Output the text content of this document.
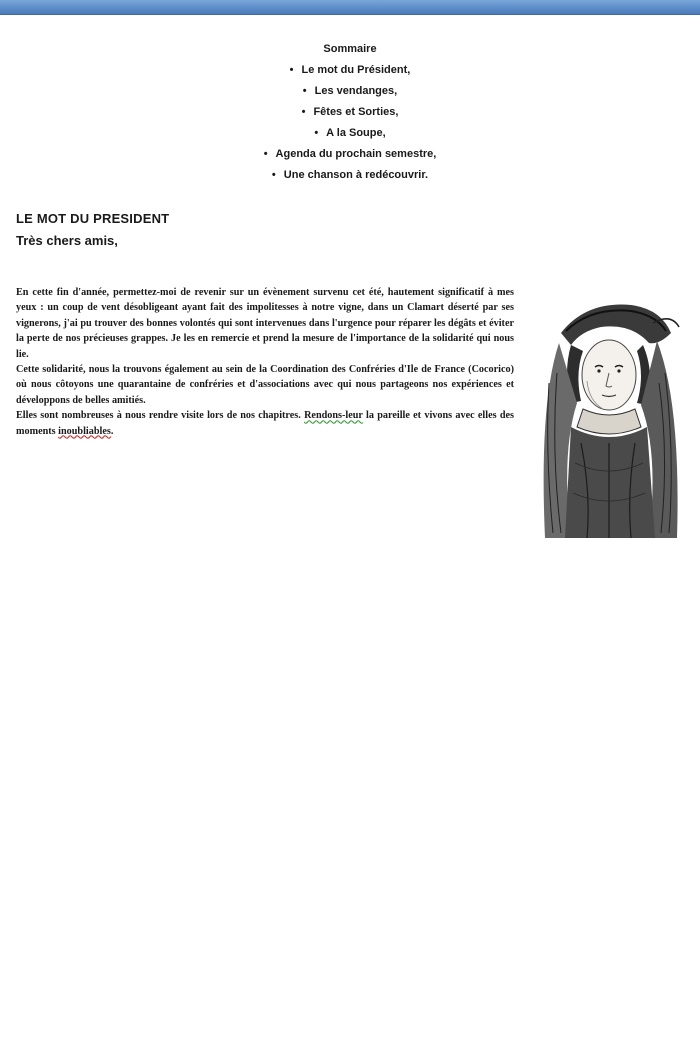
Sommaire
• Le mot du Président,
• Les vendanges,
• Fêtes et Sorties,
• A la Soupe,
• Agenda du prochain semestre,
• Une chanson à redécouvrir.
LE MOT DU PRESIDENT
Très chers amis,

En cette fin d'année, permettez-moi de revenir sur un évènement survenu cet été, hautement significatif à mes yeux : un coup de vent désobligeant ayant fait des impolitesses à notre vigne, dans un Clamart déserté par ses vignerons, j'ai pu trouver des bonnes volontés qui sont intervenues dans l'urgence pour réparer les dégâts et éviter la perte de nos précieuses grappes. Je les en remercie et prend la mesure de l'importance de la solidarité qui nous lie.

Cette solidarité, nous la trouvons également au sein de la Coordination des Confréries d'Ile de France (Cocorico) où nous côtoyons une quarantaine de confréries et d'associations avec qui nous partageons nos expériences et développons de belles amitiés.

Elles sont nombreuses à nous rendre visite lors de nos chapitres. Rendons-leur la pareille et vivons avec elles des moments inoubliables.
